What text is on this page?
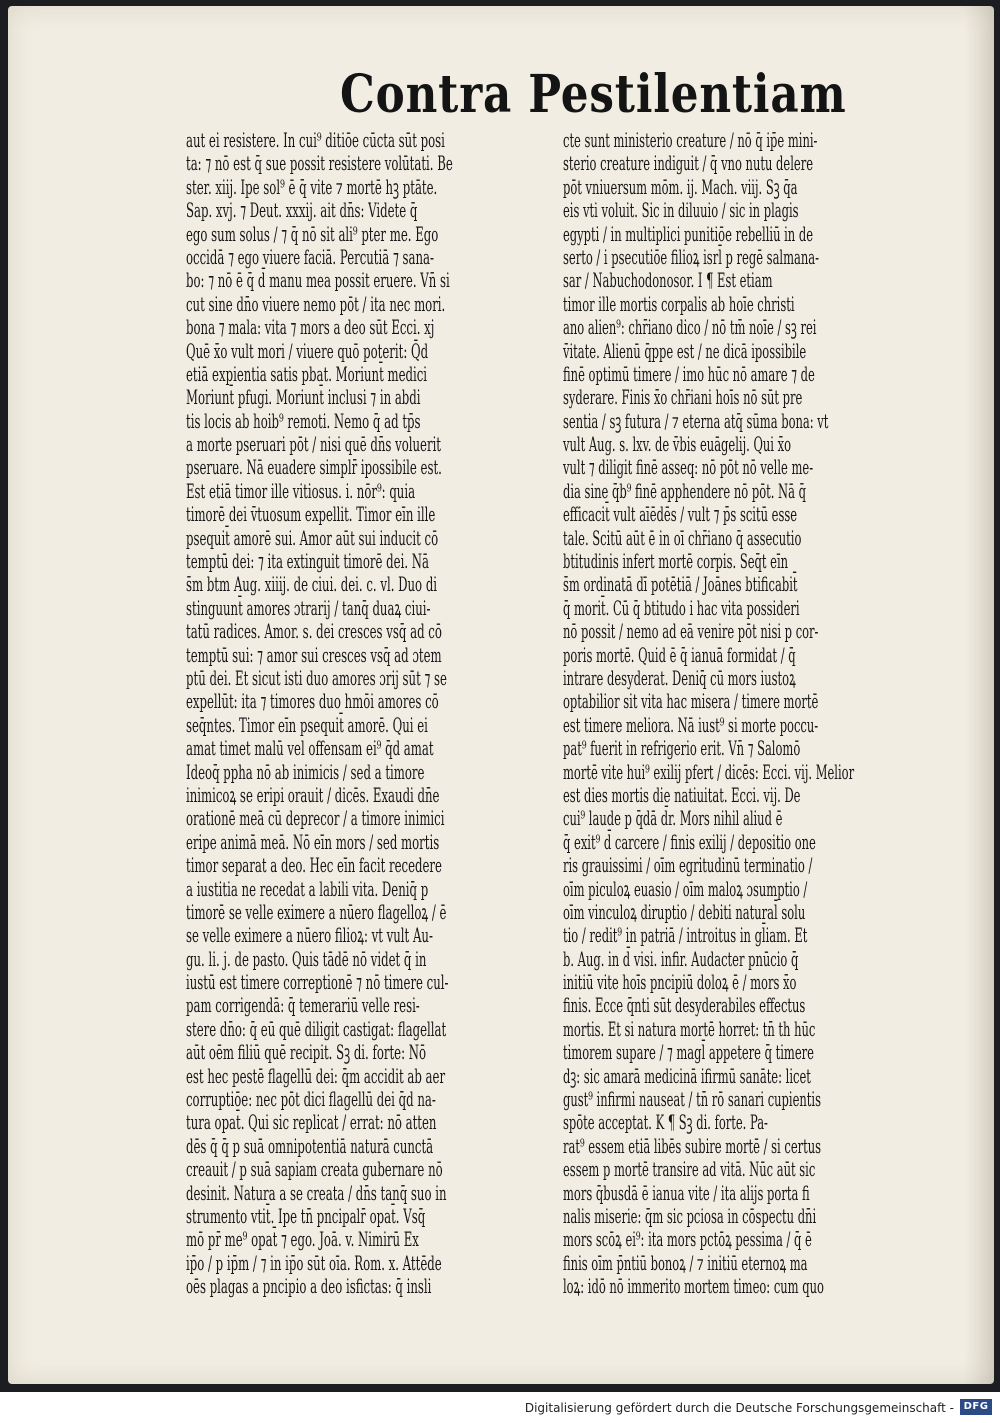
Contra Pestilentiam
aut ei resistere. In cui⁹ ditiōe cūcta sūt posi
ta: ⁊ nō est q̄ sue possit resistere volūtati. Be
ster. xiij. Ipe sol⁹ ē q̄ vite ⁊ mortē hꝫ ptāte.
Sap. xvj. ⁊ Deut. xxxij. ait dn̄s: Videte q̄
ego sum solus / ⁊ q̄ nō sit ali⁹ pter me. Ego
occidā ⁊ ego viuere faciā. Percutiā ⁊ sana-
bo: ⁊ nō ē q̄ d̄ manu mea possit eruere. Vn̄ si
cut sine dn̄o viuere nemo pōt / ita nec mori.
bona ⁊ mala: vita ⁊ mors a deo sūt Ecci. xj
Quē x̄o vult mori / viuere quō poterit: Q̄d
etiā expientia satis pbat. Moriunt̄ medici
Moriunt̄ pfugi. Moriunt̄ inclusi ⁊ in abdi
tis locis ab hoib⁹ remoti. Nemo q̄ ad tp̄s
a morte pseruari pōt / nisi quē dn̄s voluerit
pseruare. Nā euadere simplr̄ ipossibile est.
Est etiā timor ille vitiosus. i. nōr⁹: quia
timorē dei v̄tuosum expellit. Timor eīn ille
psequit̄ amorē sui. Amor aūt sui inducit cō
temptū dei: ⁊ ita extinguit timorē dei. Nā
s̄m btm Aug. xiiij. de ciui. dei. c. vl. Duo di
stinguunt̄ amores ɔtrarij / tanq̄ duaꝝ ciui-
tatū radices. Amor. s. dei cresces vsq̄ ad cō
temptū sui: ⁊ amor sui cresces vsq̄ ad ɔtem
ptū dei. Et sicut isti duo amores ɔrij sūt ⁊ se
expellūt: ita ⁊ timores duo hmōi amores cō
seq̄ntes. Timor eīn psequit̄ amorē. Qui ei
amat timet malū vel offensam ei⁹ q̄d amat
Ideoq̄ ppha nō ab inimicis / sed a timore
inimicoꝝ se eripi orauit / dicēs. Exaudi dn̄e
orationē meā cū deprecor / a timore inimici
eripe animā meā. Nō eīn mors / sed mortis
timor separat a deo. Hec eīn facit recedere
a iustitia ne recedat a labili vita. Deniq̄ p
timorē se velle eximere a nūero flagelloꝝ / ē
se velle eximere a nūero filioꝝ: vt vult Au-
gu. li. j. de pasto. Quis tādē nō videt q̄ in
iustū est timere correptionē ⁊ nō timere cul-
pam corrigendā: q̄ temerariū velle resi-
stere dn̄o: q̄ eū quē diligit castigat: flagellat
aūt oēm filiū quē recipit. Sꝫ di. forte: Nō
est hec pestē flagellū dei: q̄m accidit ab aer
corruptiōe: nec pōt dici flagellū dei q̄d na-
tura opat̄. Qui sic replicat / errat: nō atten
dēs q̄ q̄ p suā omnipotentiā naturā cunctā
creauit / p suā sapiam creata gubernare nō
desinit. Natura a se creata / dn̄s tanq̄ suo in
strumento vtit̄. Ipe tn̄ pncipalr̄ opat̄. Vsq̄
mō pr̄ me⁹ opat̄ ⁊ ego. Joā. v. Nimirū Ex
ip̄o / p ip̄m / ⁊ in ip̄o sūt oīa. Rom. x. Attēde
oēs plagas a pncipio a deo isfictas: q̄ insli
cte sunt ministerio creature / nō q̄ ip̄e mini-
sterio creature indiguit / q̄ vno nutu delere
pōt vniuersum mōm. ij. Mach. viij. Sꝫ q̄a
eis vti voluit. Sic in diluuio / sic in plagis
egypti / in multiplici punitiōe rebelliū in de
serto / i psecutiōe filioꝝ isrl̄ p regē salmana-
sar / Nabuchodonosor. I ¶ Est etiam
timor ille mortis corpalis ab hoīe christi
ano alien⁹: chr̄iano dico / nō tm̄ noīe / sꝫ rei
v̄itate. Alienū q̄ppe est / ne dicā ipossibile
finē optimū timere / imo hūc nō amare ⁊ de
syderare. Finis x̄o chr̄iani hoīs nō sūt pre
sentia / sꝫ futura / ⁊ eterna atq̄ sūma bona: vt
vult Aug. s. lxv. de v̄bis euāgelij. Qui x̄o
vult ⁊ diligit finē asseq: nō pōt nō velle me-
dia sine q̄b⁹ finē apphendere nō pōt. Nā q̄
efficacit̄ vult aīēdēs / vult ⁊ p̄s scitū esse
tale. Scitū aūt ē in oī chr̄iano q̄ assecutio
btitudinis infert mortē corpis. Seq̄t eīn
s̄m ordinatā dī potētiā / Joānes btificabit̄
q̄ morit̄. Cū q̄ btitudo i hac vita possideri
nō possit / nemo ad eā venire pōt nisi p cor-
poris mortē. Quid ē q̄ ianuā formidat / q̄
intrare desyderat. Deniq̄ cū mors iustoꝝ
optabilior sit vita hac misera / timere mortē
est timere meliora. Nā iust⁹ si morte poccu-
pat⁹ fuerit in refrigerio erit. Vn̄ ⁊ Salomō
mortē vite hui⁹ exilij pfert / dicēs: Ecci. vij. Melior
est dies mortis die natiuitat. Ecci. vij. De
cui⁹ laude p q̄dā d̄r. Mors nihil aliud ē
q̄ exit⁹ d̄ carcere / finis exilij / depositio one
ris grauissimi / oīm egritudinū terminatio /
oīm piculoꝝ euasio / oīm maloꝝ ɔsumptio /
oīm vinculoꝝ diruptio / debiti natural̄ solu
tio / redit⁹ in patriā / introitus in gl̄iam. Et
b. Aug. in d̄ visi. infir. Audacter pnūcio q̄
initiū vite hoīs pncipiū doloꝝ ē / mors x̄o
finis. Ecce q̄nti sūt desyderabiles effectus
mortis. Et si natura mortē horret: tn̄ th hūc
timorem supare / ⁊ magl̄ appetere q̄ timere
dꝫ: sic amarā medicinā ifirmū sanāte: licet
gust⁹ infirmi nauseat / tn̄ rō sanari cupientis
spōte acceptat. K ¶ Sꝫ di. forte. Pa-
rat⁹ essem etiā libēs subire mortē / si certus
essem p mortē transire ad vitā. Nūc aūt sic
mors q̄busdā ē ianua vite / ita alijs porta fi
nalis miserie: q̄m sic pciosa in cōspectu dn̄i
mors scōꝝ ei⁹: ita mors pctōꝝ pessima / q̄ ē
finis oīm p̄ntiū bonoꝝ / ⁊ initiū eternoꝝ ma
loꝝ: idō nō immerito mortem timeo: cum quo
Digitalisierung gefördert durch die Deutsche Forschungsgemeinschaft - DFG
